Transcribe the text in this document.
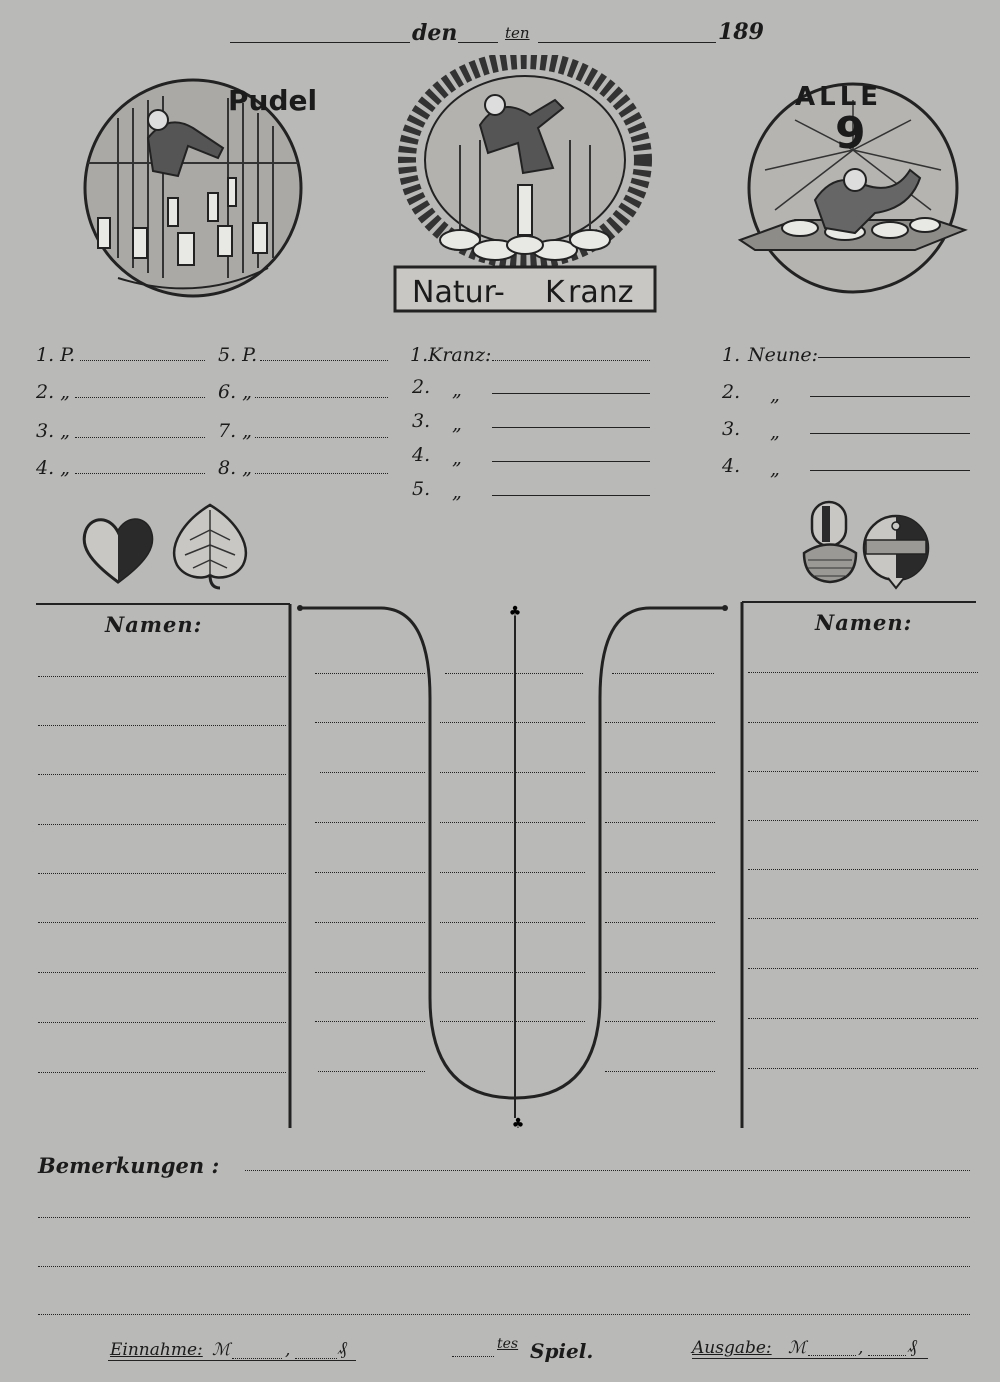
den	ten	189
Pudel
Natur- K ranz
ALLE
9
1. P.
2. „
3. „
4. „
5. P.
6. „
7. „
8. „
1.Kranz:
2. „
3. „
4. „
5. „
1. Neune:
2. „
3. „
4. „
♣
♣
Namen:	Namen:
Bemerkungen :
Einnahme: ℳ	,	₰	tes Spiel.	Ausgabe: ℳ	, ₰
